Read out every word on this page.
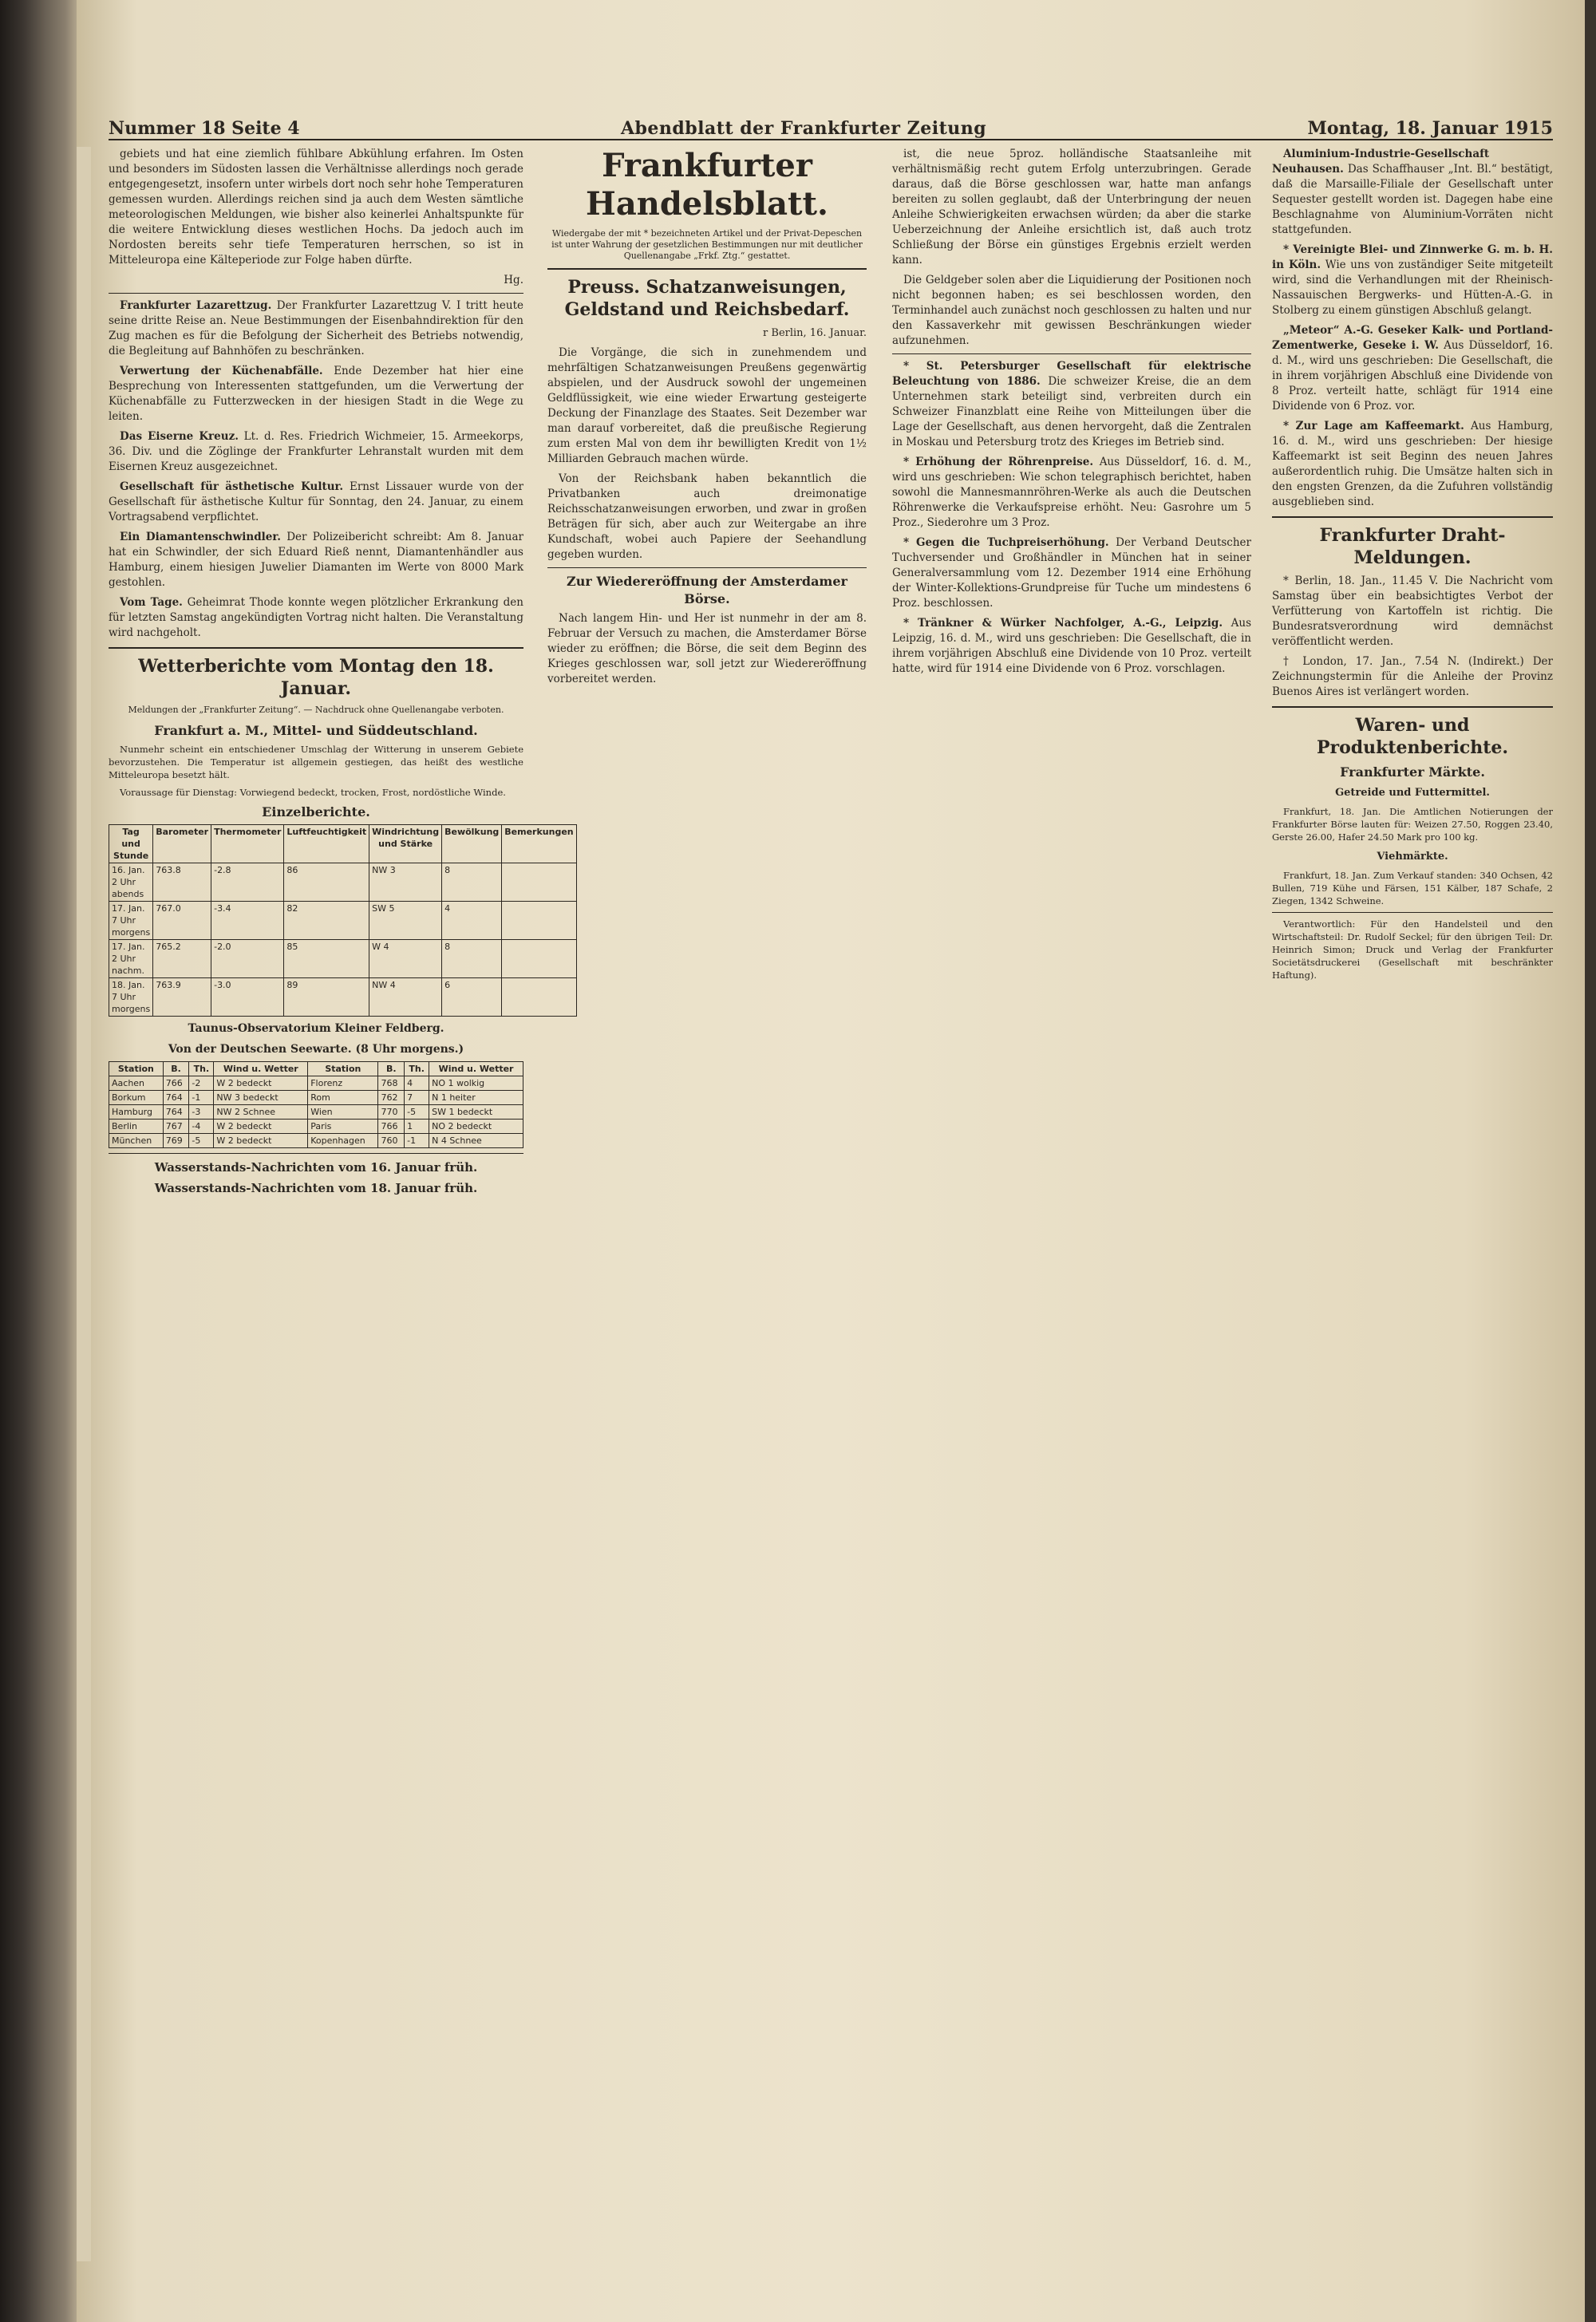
Nummer 18 Seite 4	Abendblatt der Frankfurter Zeitung	Montag, 18. Januar 1915

gebiets und hat eine ziemlich fühlbare Abkühlung erfahren. Im Osten und besonders im Südosten lassen die Verhältnisse allerdings noch gerade entgegengesetzt, insofern unter wirbels dort noch sehr hohe Temperaturen gemessen wurden. Allerdings reichen sind ja auch dem Westen sämtliche meteorologischen Meldungen, wie bisher also keinerlei Anhaltspunkte für die weitere Entwicklung dieses westlichen Hochs. Da jedoch auch im Nordosten bereits sehr tiefe Temperaturen herrschen, so ist in Mitteleuropa eine Kälteperiode zur Folge haben dürfte.

Hg.

Frankfurter Lazarettzug. Der Frankfurter Lazarettzug V. I tritt heute seine dritte Reise an. Neue Bestimmungen der Eisenbahndirektion für den Zug machen es für die Befolgung der Sicherheit des Betriebs notwendig, die Begleitung auf Bahnhöfen zu beschränken.

Verwertung der Küchenabfälle. Ende Dezember hat hier eine Besprechung von Interessenten stattgefunden, um die Verwertung der Küchenabfälle zu Futterzwecken in der hiesigen Stadt in die Wege zu leiten.

Das Eiserne Kreuz. Lt. d. Res. Friedrich Wichmeier, 15. Armeekorps, 36. Div. und die Zöglinge der Frankfurter Lehranstalt wurden mit dem Eisernen Kreuz ausgezeichnet.

Gesellschaft für ästhetische Kultur. Ernst Lissauer wurde von der Gesellschaft für ästhetische Kultur für Sonntag, den 24. Januar, zu einem Vortragsabend verpflichtet.

Ein Diamantenschwindler. Der Polizeibericht schreibt: Am 8. Januar hat ein Schwindler, der sich Eduard Rieß nennt, Diamantenhändler aus Hamburg, einem hiesigen Juwelier Diamanten im Werte von 8000 Mark gestohlen.

Vom Tage. Geheimrat Thode konnte wegen plötzlicher Erkrankung den für letzten Samstag angekündigten Vortrag nicht halten. Die Veranstaltung wird nachgeholt.

Wetterberichte vom Montag den 18. Januar.
Meldungen der „Frankfurter Zeitung“. — Nachdruck ohne Quellenangabe verboten.
Frankfurt a. M., Mittel- und Süddeutschland.

Nunmehr scheint ein entschiedener Umschlag der Witterung in unserem Gebiete bevorzustehen. Die Temperatur ist allgemein gestiegen, das heißt des westliche Mitteleuropa besetzt hält.

Voraussage für Dienstag: Vorwiegend bedeckt, trocken, Frost, nordöstliche Winde.

Einzelberichte.
Tag und Stunde	Barometer	Thermometer	Luftfeuchtigkeit	Windrichtung und Stärke	Bewölkung	Bemerkungen
16. Jan. 2 Uhr abends	763.8	-2.8	86	NW 3	8	
17. Jan. 7 Uhr morgens	767.0	-3.4	82	SW 5	4	
17. Jan. 2 Uhr nachm.	765.2	-2.0	85	W 4	8	
18. Jan. 7 Uhr morgens	763.9	-3.0	89	NW 4	6	
Taunus-Observatorium Kleiner Feldberg.
Von der Deutschen Seewarte. (8 Uhr morgens.)
Station	B.	Th.	Wind u. Wetter	Station	B.	Th.	Wind u. Wetter
Aachen	766	-2	W 2 bedeckt	Florenz	768	4	NO 1 wolkig
Borkum	764	-1	NW 3 bedeckt	Rom	762	7	N 1 heiter
Hamburg	764	-3	NW 2 Schnee	Wien	770	-5	SW 1 bedeckt
Berlin	767	-4	W 2 bedeckt	Paris	766	1	NO 2 bedeckt
München	769	-5	W 2 bedeckt	Kopenhagen	760	-1	N 4 Schnee
Wasserstands-Nachrichten vom 16. Januar früh.
Wasserstands-Nachrichten vom 18. Januar früh.
Frankfurter Handelsblatt.
Wiedergabe der mit * bezeichneten Artikel und der Privat-Depeschen ist unter Wahrung der gesetzlichen Bestimmungen nur mit deutlicher Quellenangabe „Frkf. Ztg.“ gestattet.
Preuss. Schatzanweisungen, Geldstand und Reichsbedarf.
r Berlin, 16. Januar.

Die Vorgänge, die sich in zunehmendem und mehrfältigen Schatzanweisungen Preußens gegenwärtig abspielen, und der Ausdruck sowohl der ungemeinen Geldflüssigkeit, wie eine wieder Erwartung gesteigerte Deckung der Finanzlage des Staates. Seit Dezember war man darauf vorbereitet, daß die preußische Regierung zum ersten Mal von dem ihr bewilligten Kredit von 1½ Milliarden Gebrauch machen würde.

Von der Reichsbank haben bekanntlich die Privatbanken auch dreimonatige Reichsschatzanweisungen erworben, und zwar in großen Beträgen für sich, aber auch zur Weitergabe an ihre Kundschaft, wobei auch Papiere der Seehandlung gegeben wurden.

Zur Wiedereröffnung der Amsterdamer Börse.

Nach langem Hin- und Her ist nunmehr in der am 8. Februar der Versuch zu machen, die Amsterdamer Börse wieder zu eröffnen; die Börse, die seit dem Beginn des Krieges geschlossen war, soll jetzt zur Wiedereröffnung vorbereitet werden.

ist, die neue 5proz. holländische Staatsanleihe mit verhältnismäßig recht gutem Erfolg unterzubringen. Gerade daraus, daß die Börse geschlossen war, hatte man anfangs bereiten zu sollen geglaubt, daß der Unterbringung der neuen Anleihe Schwierigkeiten erwachsen würden; da aber die starke Ueberzeichnung der Anleihe ersichtlich ist, daß auch trotz Schließung der Börse ein günstiges Ergebnis erzielt werden kann.

Die Geldgeber solen aber die Liquidierung der Positionen noch nicht begonnen haben; es sei beschlossen worden, den Terminhandel auch zunächst noch geschlossen zu halten und nur den Kassaverkehr mit gewissen Beschränkungen wieder aufzunehmen.

* St. Petersburger Gesellschaft für elektrische Beleuchtung von 1886. Die schweizer Kreise, die an dem Unternehmen stark beteiligt sind, verbreiten durch ein Schweizer Finanzblatt eine Reihe von Mitteilungen über die Lage der Gesellschaft, aus denen hervorgeht, daß die Zentralen in Moskau und Petersburg trotz des Krieges im Betrieb sind.

* Erhöhung der Röhrenpreise. Aus Düsseldorf, 16. d. M., wird uns geschrieben: Wie schon telegraphisch berichtet, haben sowohl die Mannesmannröhren-Werke als auch die Deutschen Röhrenwerke die Verkaufspreise erhöht. Neu: Gasrohre um 5 Proz., Siederohre um 3 Proz.

* Gegen die Tuchpreiserhöhung. Der Verband Deutscher Tuchversender und Großhändler in München hat in seiner Generalversammlung vom 12. Dezember 1914 eine Erhöhung der Winter-Kollektions-Grundpreise für Tuche um mindestens 6 Proz. beschlossen.

* Tränkner & Würker Nachfolger, A.-G., Leipzig. Aus Leipzig, 16. d. M., wird uns geschrieben: Die Gesellschaft, die in ihrem vorjährigen Abschluß eine Dividende von 10 Proz. verteilt hatte, wird für 1914 eine Dividende von 6 Proz. vorschlagen.

Aluminium-Industrie-Gesellschaft Neuhausen. Das Schaffhauser „Int. Bl.“ bestätigt, daß die Marsaille-Filiale der Gesellschaft unter Sequester gestellt worden ist. Dagegen habe eine Beschlagnahme von Aluminium-Vorräten nicht stattgefunden.

* Vereinigte Blei- und Zinnwerke G. m. b. H. in Köln. Wie uns von zuständiger Seite mitgeteilt wird, sind die Verhandlungen mit der Rheinisch-Nassauischen Bergwerks- und Hütten-A.-G. in Stolberg zu einem günstigen Abschluß gelangt.

„Meteor“ A.-G. Geseker Kalk- und Portland-Zementwerke, Geseke i. W. Aus Düsseldorf, 16. d. M., wird uns geschrieben: Die Gesellschaft, die in ihrem vorjährigen Abschluß eine Dividende von 8 Proz. verteilt hatte, schlägt für 1914 eine Dividende von 6 Proz. vor.

* Zur Lage am Kaffeemarkt. Aus Hamburg, 16. d. M., wird uns geschrieben: Der hiesige Kaffeemarkt ist seit Beginn des neuen Jahres außerordentlich ruhig. Die Umsätze halten sich in den engsten Grenzen, da die Zufuhren vollständig ausgeblieben sind.

Frankfurter Draht-Meldungen.

* Berlin, 18. Jan., 11.45 V. Die Nachricht vom Samstag über ein beabsichtigtes Verbot der Verfütterung von Kartoffeln ist richtig. Die Bundesratsverordnung wird demnächst veröffentlicht werden.

† London, 17. Jan., 7.54 N. (Indirekt.) Der Zeichnungstermin für die Anleihe der Provinz Buenos Aires ist verlängert worden.

Waren- und Produktenberichte.
Frankfurter Märkte.
Getreide und Futtermittel.

Frankfurt, 18. Jan. Die Amtlichen Notierungen der Frankfurter Börse lauten für: Weizen 27.50, Roggen 23.40, Gerste 26.00, Hafer 24.50 Mark pro 100 kg.

Viehmärkte.

Frankfurt, 18. Jan. Zum Verkauf standen: 340 Ochsen, 42 Bullen, 719 Kühe und Färsen, 151 Kälber, 187 Schafe, 2 Ziegen, 1342 Schweine.

Verantwortlich: Für den Handelsteil und den Wirtschaftsteil: Dr. Rudolf Seckel; für den übrigen Teil: Dr. Heinrich Simon; Druck und Verlag der Frankfurter Societätsdruckerei (Gesellschaft mit beschränkter Haftung).
